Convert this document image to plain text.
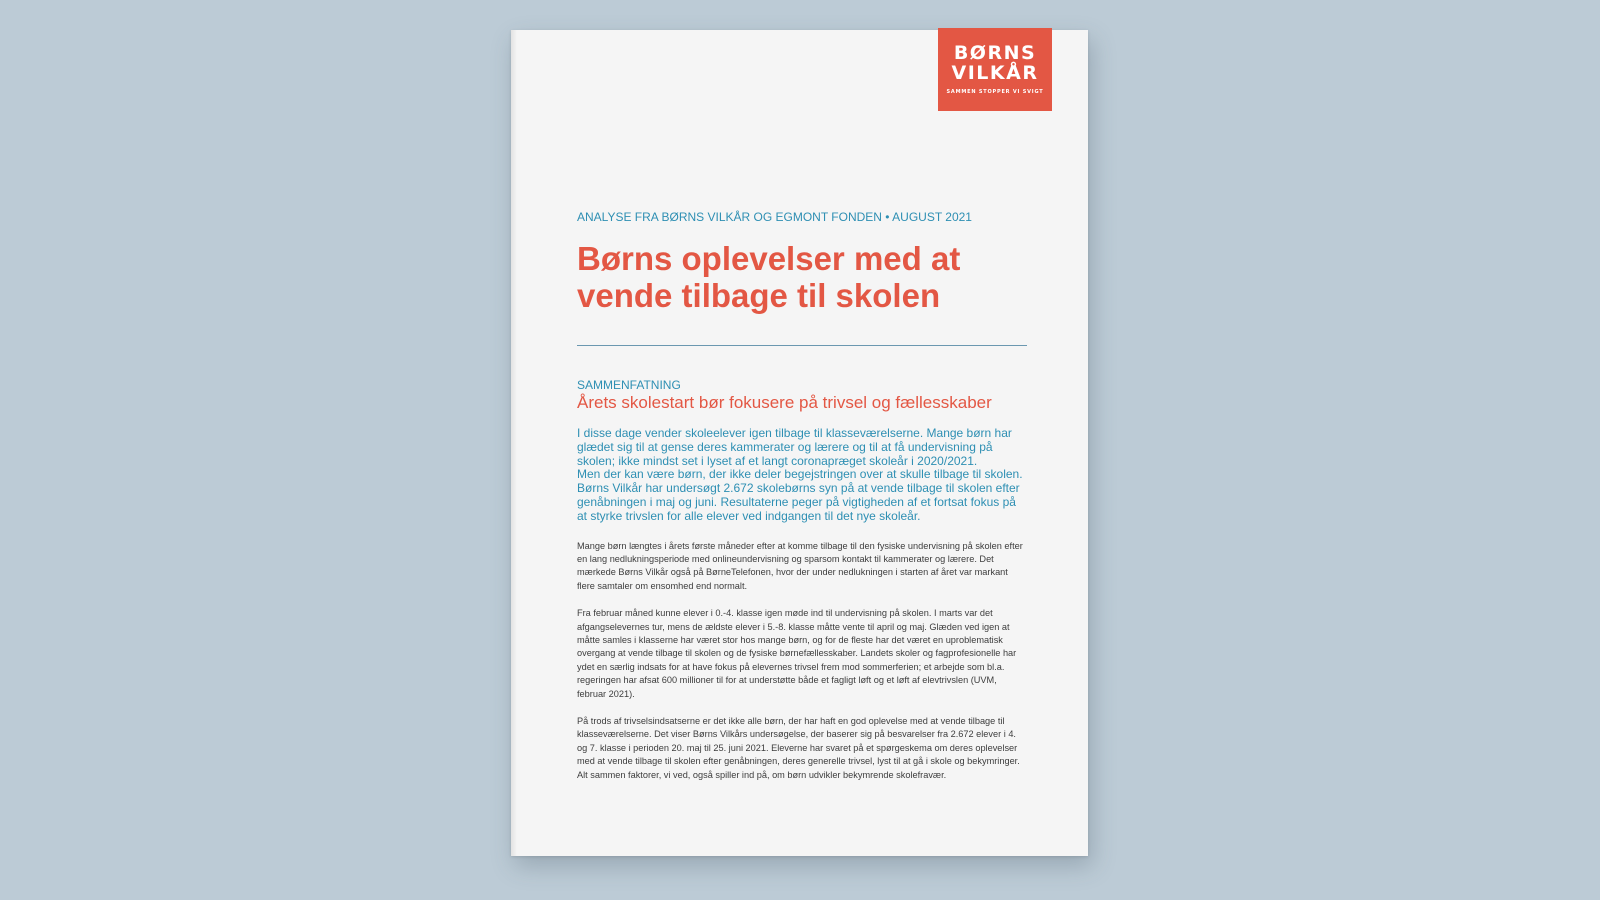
BØRNS
VILKÅR
SAMMEN STOPPER VI SVIGT
ANALYSE FRA BØRNS VILKÅR OG EGMONT FONDEN • AUGUST 2021
Børns oplevelser med at vende tilbage til skolen
SAMMENFATNING
Årets skolestart bør fokusere på trivsel og fællesskaber

I disse dage vender skoleelever igen tilbage til klasseværelserne. Mange børn har glædet sig til at gense deres kammerater og lærere og til at få undervisning på skolen; ikke mindst set i lyset af et langt coronapræget skoleår i 2020/2021.

Men der kan være børn, der ikke deler begejstringen over at skulle tilbage til skolen. Børns Vilkår har undersøgt 2.672 skolebørns syn på at vende tilbage til skolen efter genåbningen i maj og juni. Resultaterne peger på vigtigheden af et fortsat fokus på at styrke trivslen for alle elever ved indgangen til det nye skoleår.

Mange børn længtes i årets første måneder efter at komme tilbage til den fysiske undervisning på skolen efter en lang nedlukningsperiode med onlineundervisning og sparsom kontakt til kammerater og lærere. Det mærkede Børns Vilkår også på BørneTelefonen, hvor der under nedlukningen i starten af året var markant flere samtaler om ensomhed end normalt.

Fra februar måned kunne elever i 0.-4. klasse igen møde ind til undervisning på skolen. I marts var det afgangselevernes tur, mens de ældste elever i 5.-8. klasse måtte vente til april og maj. Glæden ved igen at måtte samles i klasserne har været stor hos mange børn, og for de fleste har det været en uproblematisk overgang at vende tilbage til skolen og de fysiske børnefællesskaber. Landets skoler og fagprofesionelle har ydet en særlig indsats for at have fokus på elevernes trivsel frem mod sommerferien; et arbejde som bl.a. regeringen har afsat 600 millioner til for at understøtte både et fagligt løft og et løft af elevtrivslen (UVM, februar 2021).

På trods af trivselsindsatserne er det ikke alle børn, der har haft en god oplevelse med at vende tilbage til klasseværelserne. Det viser Børns Vilkårs undersøgelse, der baserer sig på besvarelser fra 2.672 elever i 4. og 7. klasse i perioden 20. maj til 25. juni 2021. Eleverne har svaret på et spørgeskema om deres oplevelser med at vende tilbage til skolen efter genåbningen, deres generelle trivsel, lyst til at gå i skole og bekymringer. Alt sammen faktorer, vi ved, også spiller ind på, om børn udvikler bekymrende skolefravær.
